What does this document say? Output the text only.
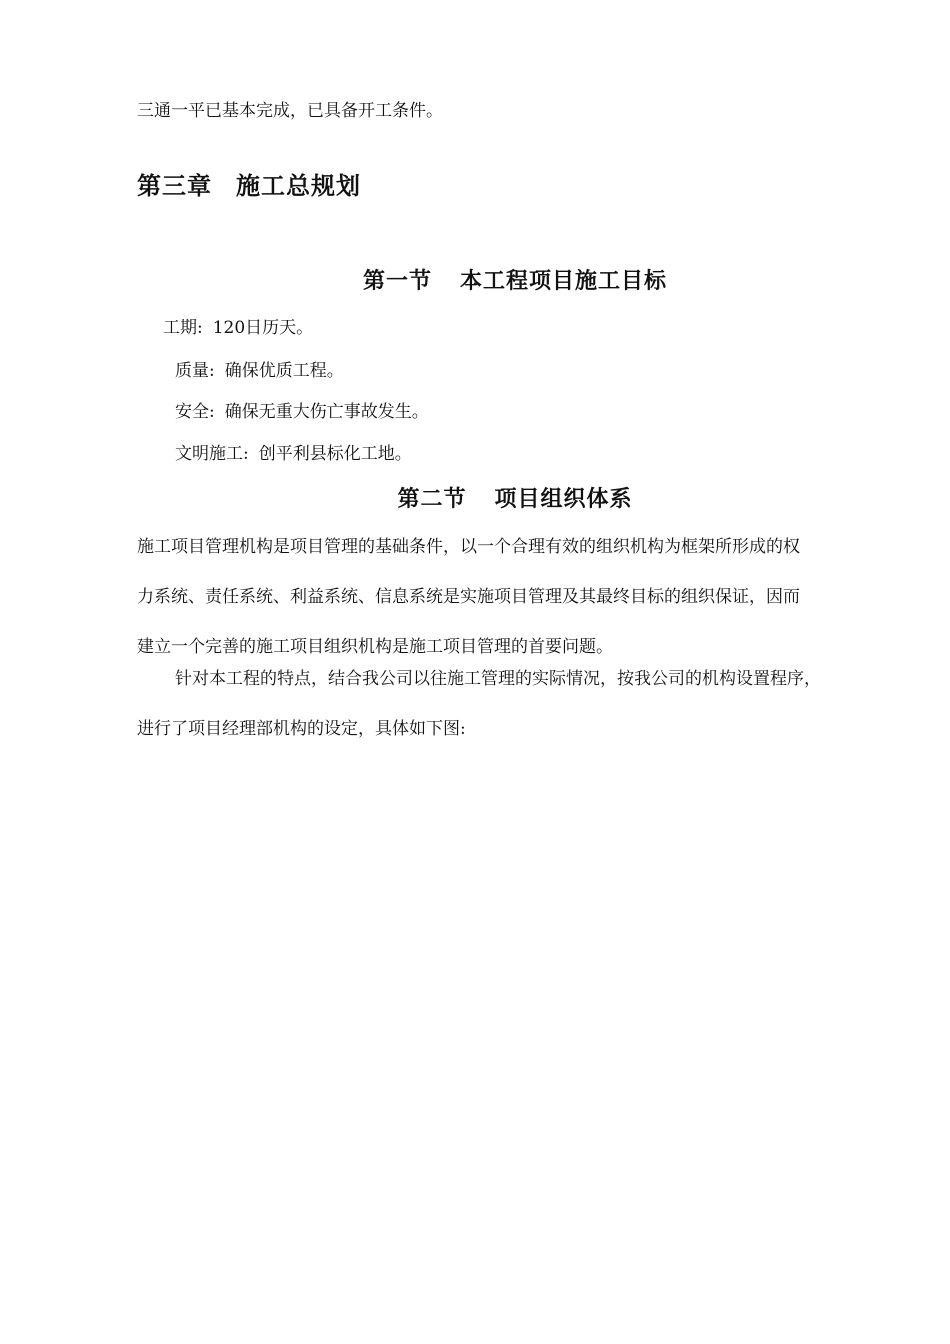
三通一平已基本完成，已具备开工条件。
第三章 施工总规划
第一节 本工程项目施工目标
工期: 120日历天。
质量: 确保优质工程。
安全: 确保无重大伤亡事故发生。
文明施工: 创平利县标化工地。
第二节 项目组织体系
施工项目管理机构是项目管理的基础条件，以一个合理有效的组织机构为框架所形成的权
力系统、责任系统、利益系统、信息系统是实施项目管理及其最终目标的组织保证，因而
建立一个完善的施工项目组织机构是施工项目管理的首要问题。
针对本工程的特点，结合我公司以往施工管理的实际情况，按我公司的机构设置程序，
进行了项目经理部机构的设定，具体如下图:
